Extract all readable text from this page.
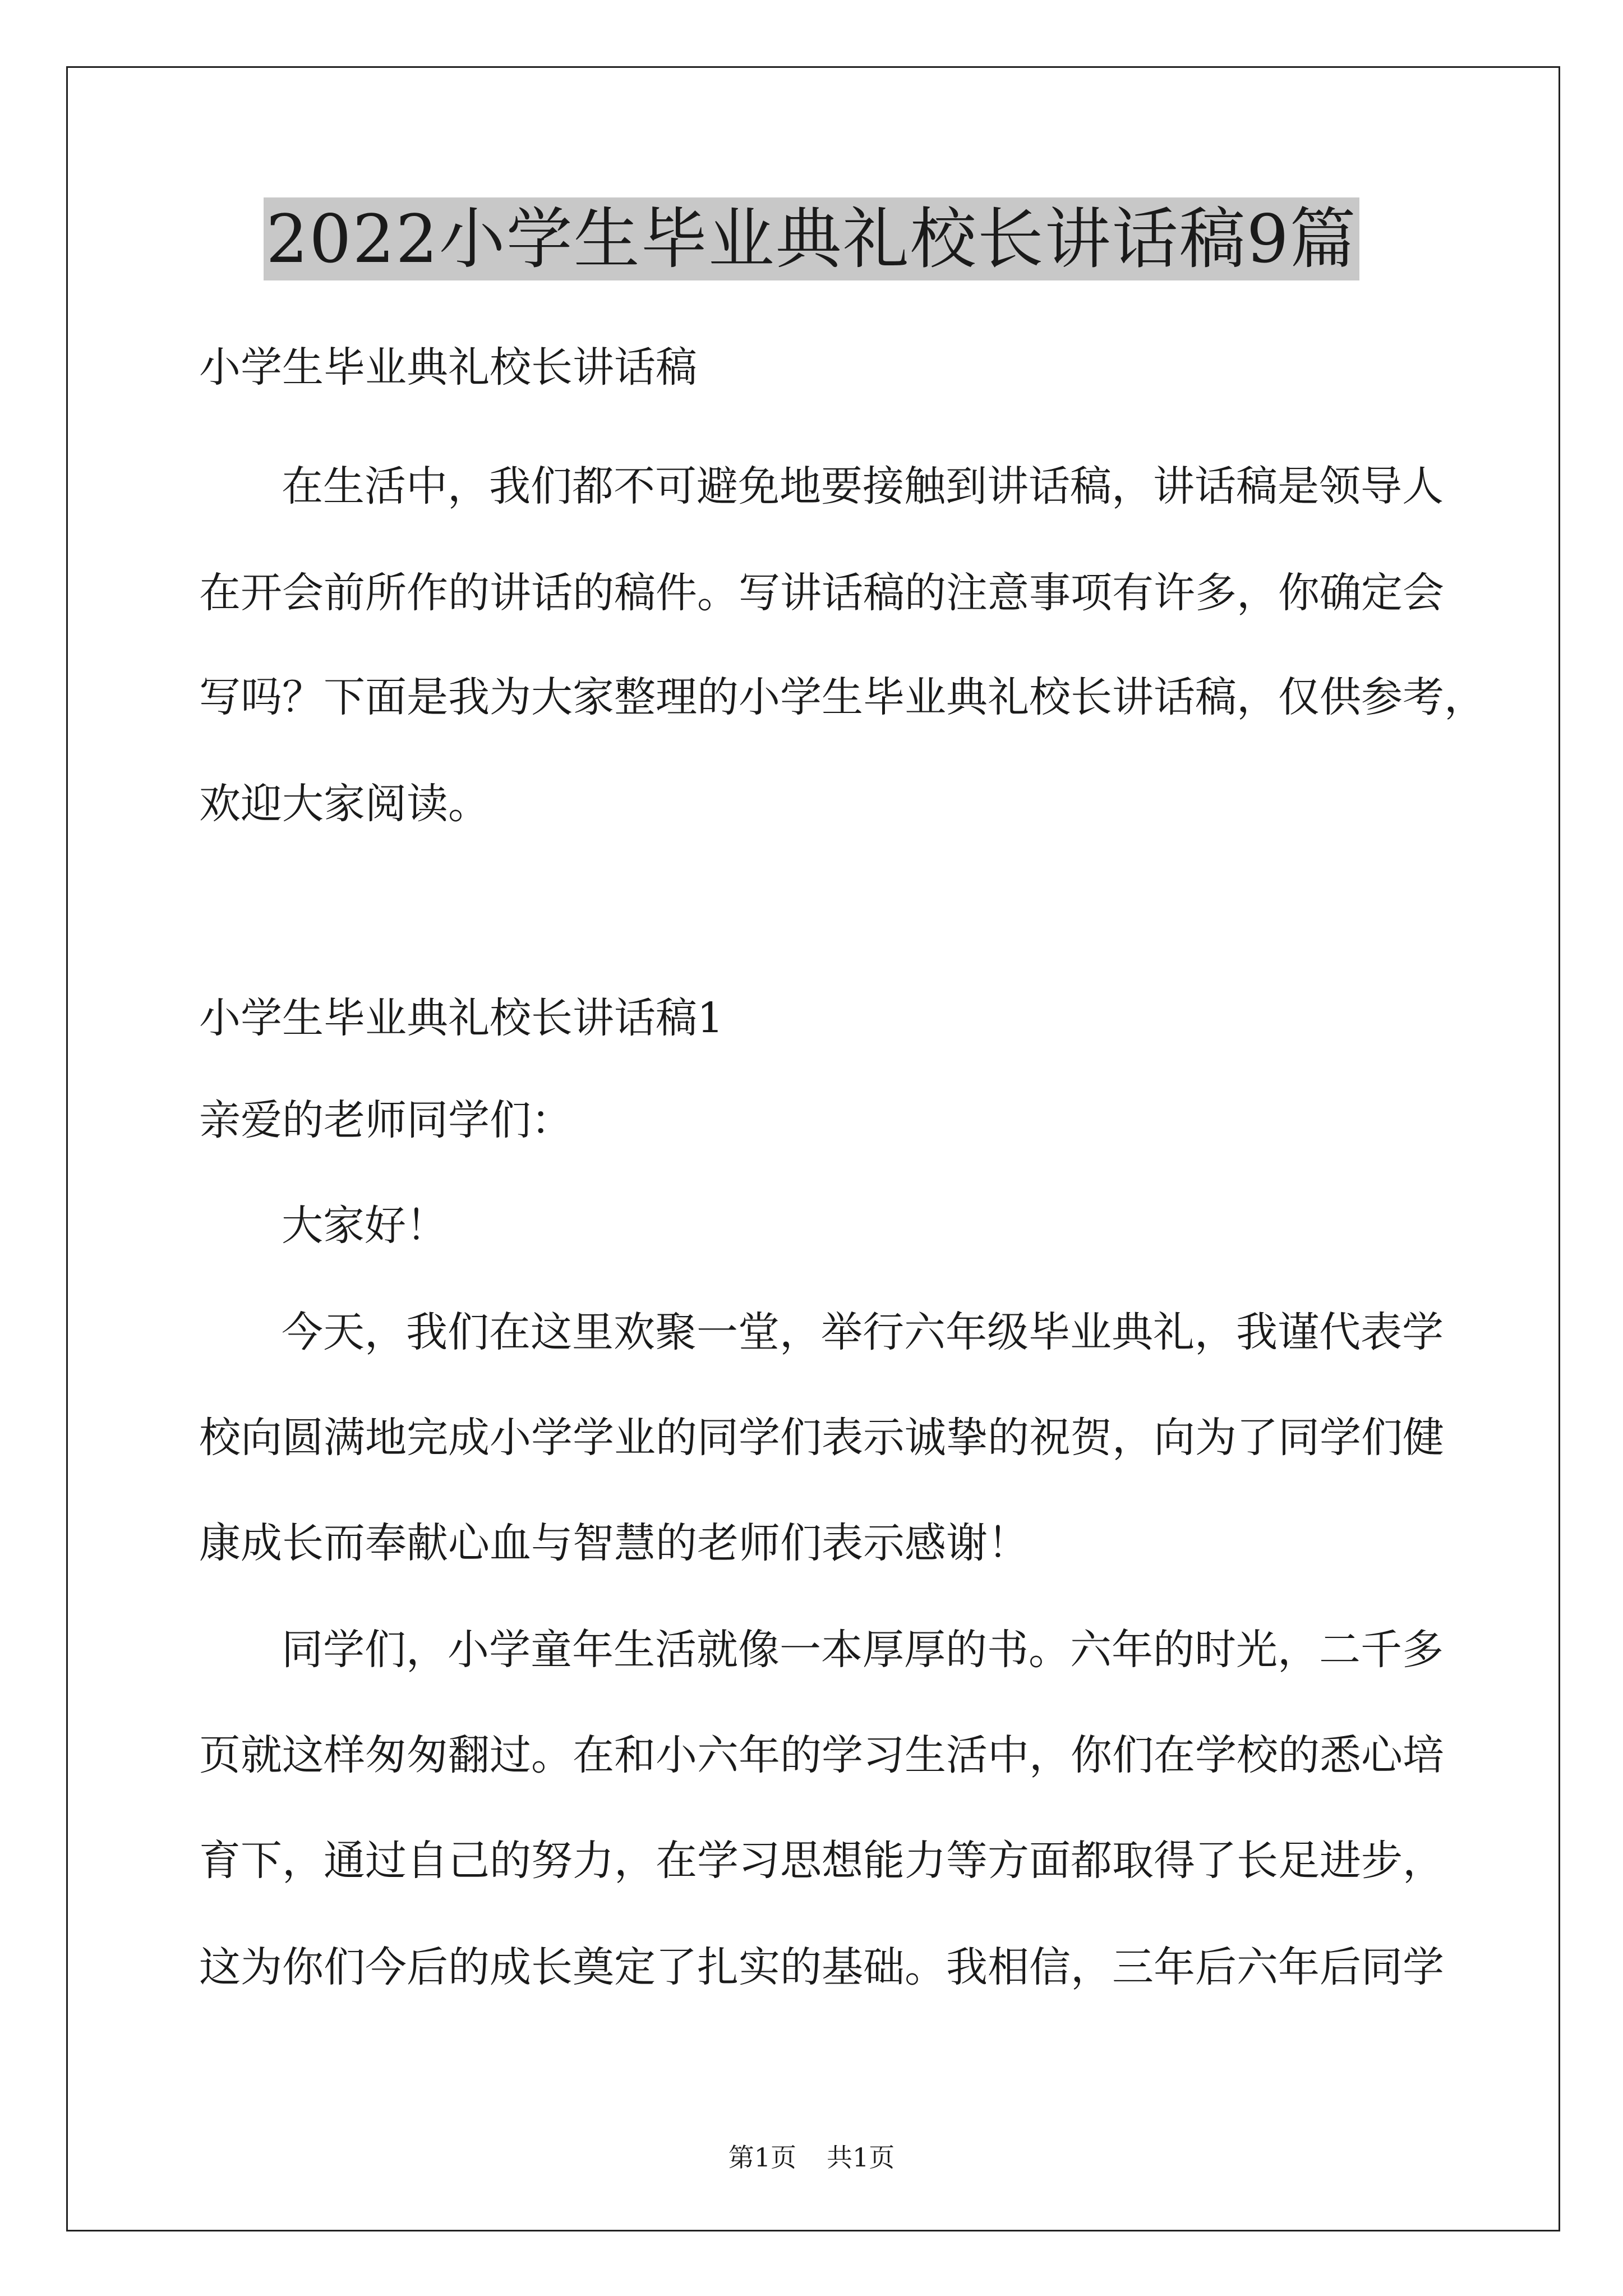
2022小学生毕业典礼校长讲话稿9篇

小学生毕业典礼校长讲话稿

在生活中，我们都不可避免地要接触到讲话稿，讲话稿是领导人

在开会前所作的讲话的稿件。写讲话稿的注意事项有许多，你确定会

写吗？下面是我为大家整理的小学生毕业典礼校长讲话稿，仅供参考，

欢迎大家阅读。

小学生毕业典礼校长讲话稿1

亲爱的老师同学们：

大家好！

今天，我们在这里欢聚一堂，举行六年级毕业典礼，我谨代表学

校向圆满地完成小学学业的同学们表示诚挚的祝贺，向为了同学们健

康成长而奉献心血与智慧的老师们表示感谢！

同学们，小学童年生活就像一本厚厚的书。六年的时光，二千多

页就这样匆匆翻过。在和小六年的学习生活中，你们在学校的悉心培

育下，通过自己的努力，在学习思想能力等方面都取得了长足进步，

这为你们今后的成长奠定了扎实的基础。我相信，三年后六年后同学

第1页 共1页
